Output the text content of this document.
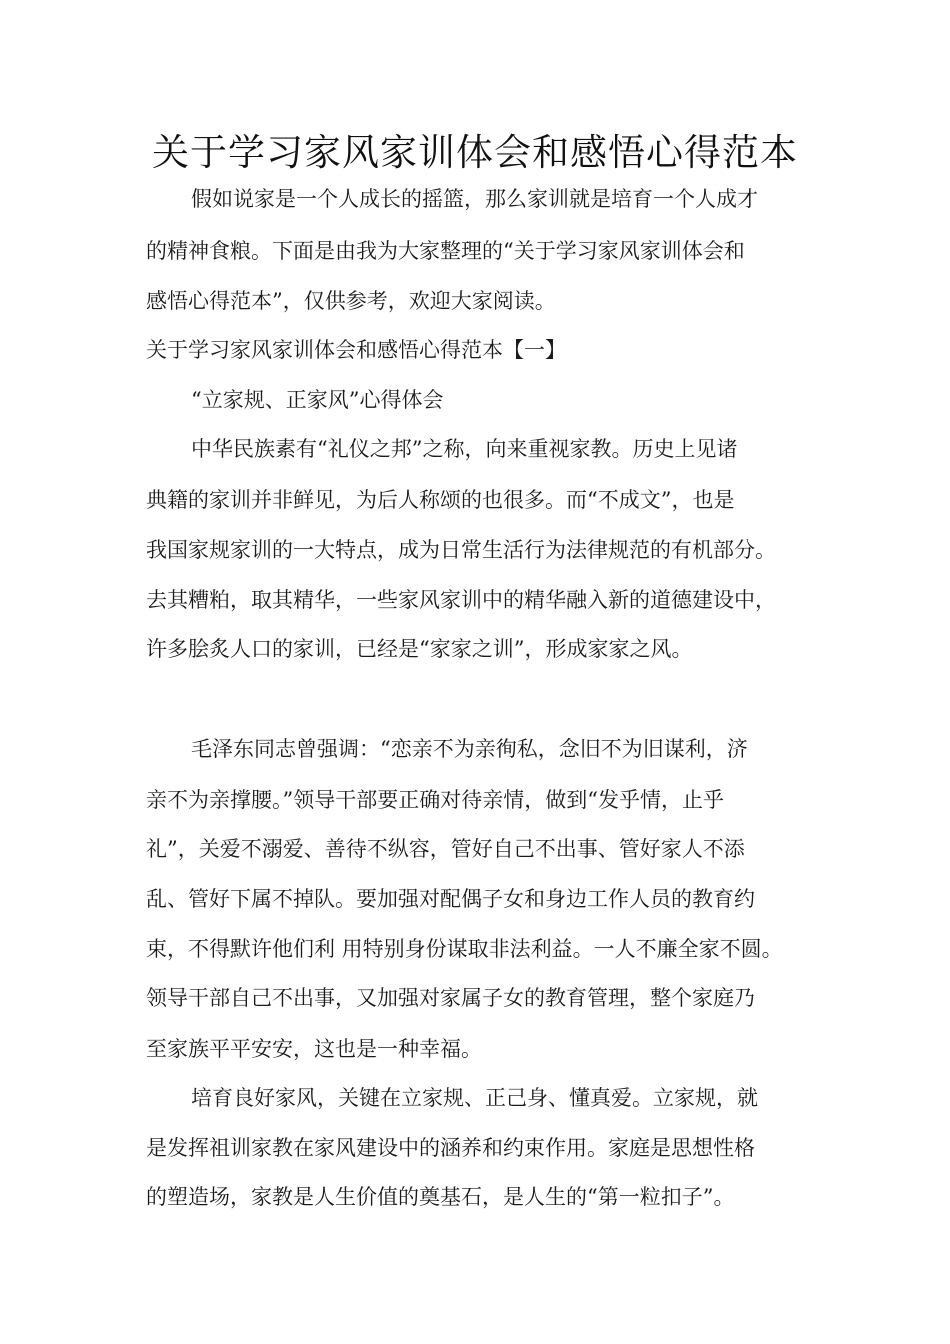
关于学习家风家训体会和感悟心得范本
假如说家是一个人成长的摇篮，那么家训就是培育一个人成才
的精神食粮。下面是由我为大家整理的“关于学习家风家训体会和
感悟心得范本”，仅供参考，欢迎大家阅读。
关于学习家风家训体会和感悟心得范本【一】
“立家规、正家风”心得体会
中华民族素有“礼仪之邦”之称，向来重视家教。历史上见诸
典籍的家训并非鲜见，为后人称颂的也很多。而“不成文”，也是
我国家规家训的一大特点，成为日常生活行为法律规范的有机部分。
去其糟粕，取其精华，一些家风家训中的精华融入新的道德建设中，
许多脍炙人口的家训，已经是“家家之训”，形成家家之风。
毛泽东同志曾强调：“恋亲不为亲徇私，念旧不为旧谋利，济
亲不为亲撑腰。”领导干部要正确对待亲情，做到“发乎情，止乎
礼”，关爱不溺爱、善待不纵容，管好自己不出事、管好家人不添
乱、管好下属不掉队。要加强对配偶子女和身边工作人员的教育约
束，不得默许他们利 用特别身份谋取非法利益。一人不廉全家不圆。
领导干部自己不出事，又加强对家属子女的教育管理，整个家庭乃
至家族平平安安，这也是一种幸福。
培育良好家风，关键在立家规、正己身、懂真爱。立家规，就
是发挥祖训家教在家风建设中的涵养和约束作用。家庭是思想性格
的塑造场，家教是人生价值的奠基石，是人生的“第一粒扣子”。
